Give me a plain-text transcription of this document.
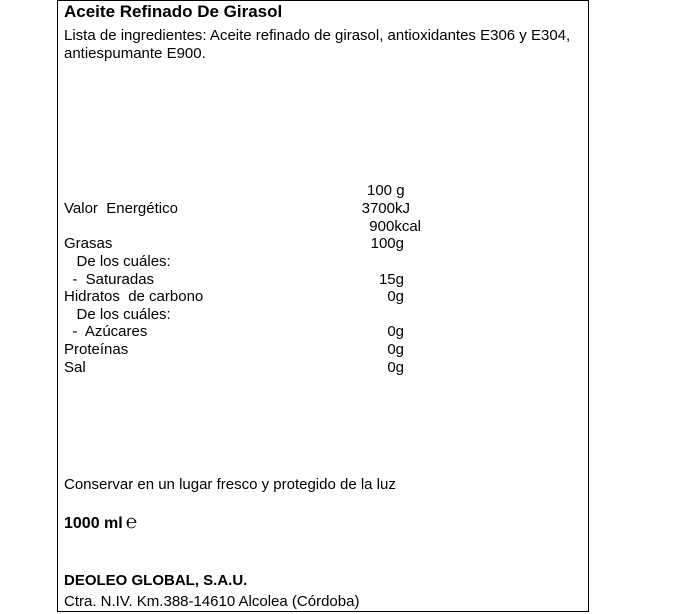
Aceite Refinado De Girasol
Lista de ingredientes: Aceite refinado de girasol, antioxidantes E306 y E304, antiespumante E900.
100 g
Valor  Energético	3700kJ
900kcal
Grasas	100g
De los cuáles:
-  Saturadas	15g
Hidratos  de carbono	0g
De los cuáles:
-  Azúcares	0g
Proteínas	0g
Sal	0g
Conservar en un lugar fresco y protegido de la luz
1000 ml ℮
DEOLEO GLOBAL, S.A.U.
Ctra. N.IV. Km.388-14610 Alcolea (Córdoba)
